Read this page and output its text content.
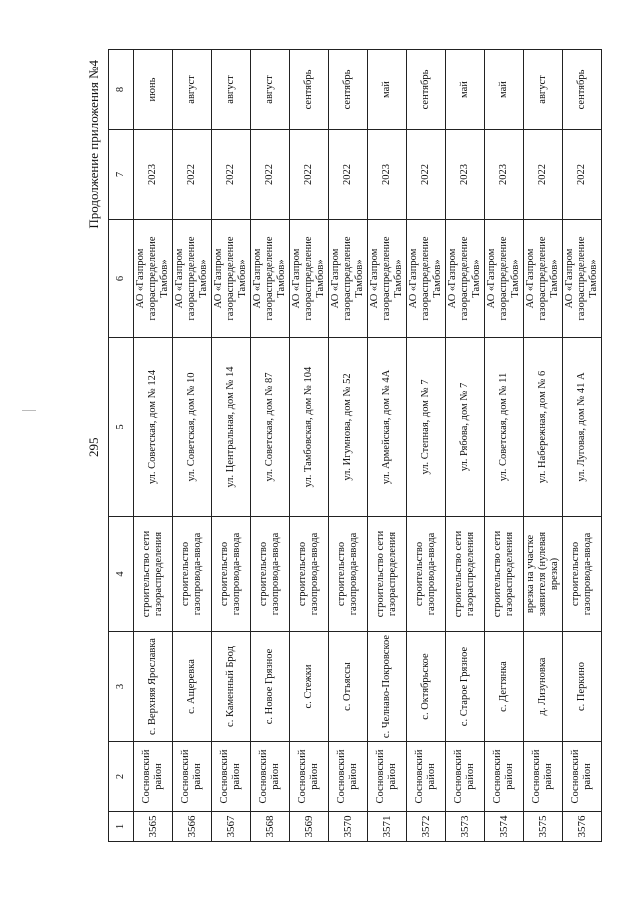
295
Продолжение приложения №4
1	2	3	4	5	6	7	8
3565	Сосновский район	с. Верхняя Ярославка	строительство сети газораспределения	ул. Советская, дом № 124	АО «Газпром газораспределение Тамбов»	2023	июнь
3566	Сосновский район	с. Ащеревка	строительство газопровода-ввода	ул. Советская, дом № 10	АО «Газпром газораспределение Тамбов»	2022	август
3567	Сосновский район	с. Каменный Брод	строительство газопровода-ввода	ул. Центральная, дом № 14	АО «Газпром газораспределение Тамбов»	2022	август
3568	Сосновский район	с. Новое Грязное	строительство газопровода-ввода	ул. Советская, дом № 87	АО «Газпром газораспределение Тамбов»	2022	август
3569	Сосновский район	с. Стежки	строительство газопровода-ввода	ул. Тамбовская, дом № 104	АО «Газпром газораспределение Тамбов»	2022	сентябрь
3570	Сосновский район	с. Отъяссы	строительство газопровода-ввода	ул. Игумнова, дом № 52	АО «Газпром газораспределение Тамбов»	2022	сентябрь
3571	Сосновский район	с. Челнаво-Покровское	строительство сети газораспределения	ул. Армейская, дом № 4А	АО «Газпром газораспределение Тамбов»	2023	май
3572	Сосновский район	с. Октябрьское	строительство газопровода-ввода	ул. Степная, дом № 7	АО «Газпром газораспределение Тамбов»	2022	сентябрь
3573	Сосновский район	с. Старое Грязное	строительство сети газораспределения	ул. Рябова, дом № 7	АО «Газпром газораспределение Тамбов»	2023	май
3574	Сосновский район	с. Дегтянка	строительство сети газораспределения	ул. Советская, дом № 11	АО «Газпром газораспределение Тамбов»	2023	май
3575	Сосновский район	д. Лизуновка	врезка на участке заявителя (нулевая врезка)	ул. Набережная, дом № 6	АО «Газпром газораспределение Тамбов»	2022	август
3576	Сосновский район	с. Перкино	строительство газопровода-ввода	ул. Луговая, дом № 41 А	АО «Газпром газораспределение Тамбов»	2022	сентябрь
